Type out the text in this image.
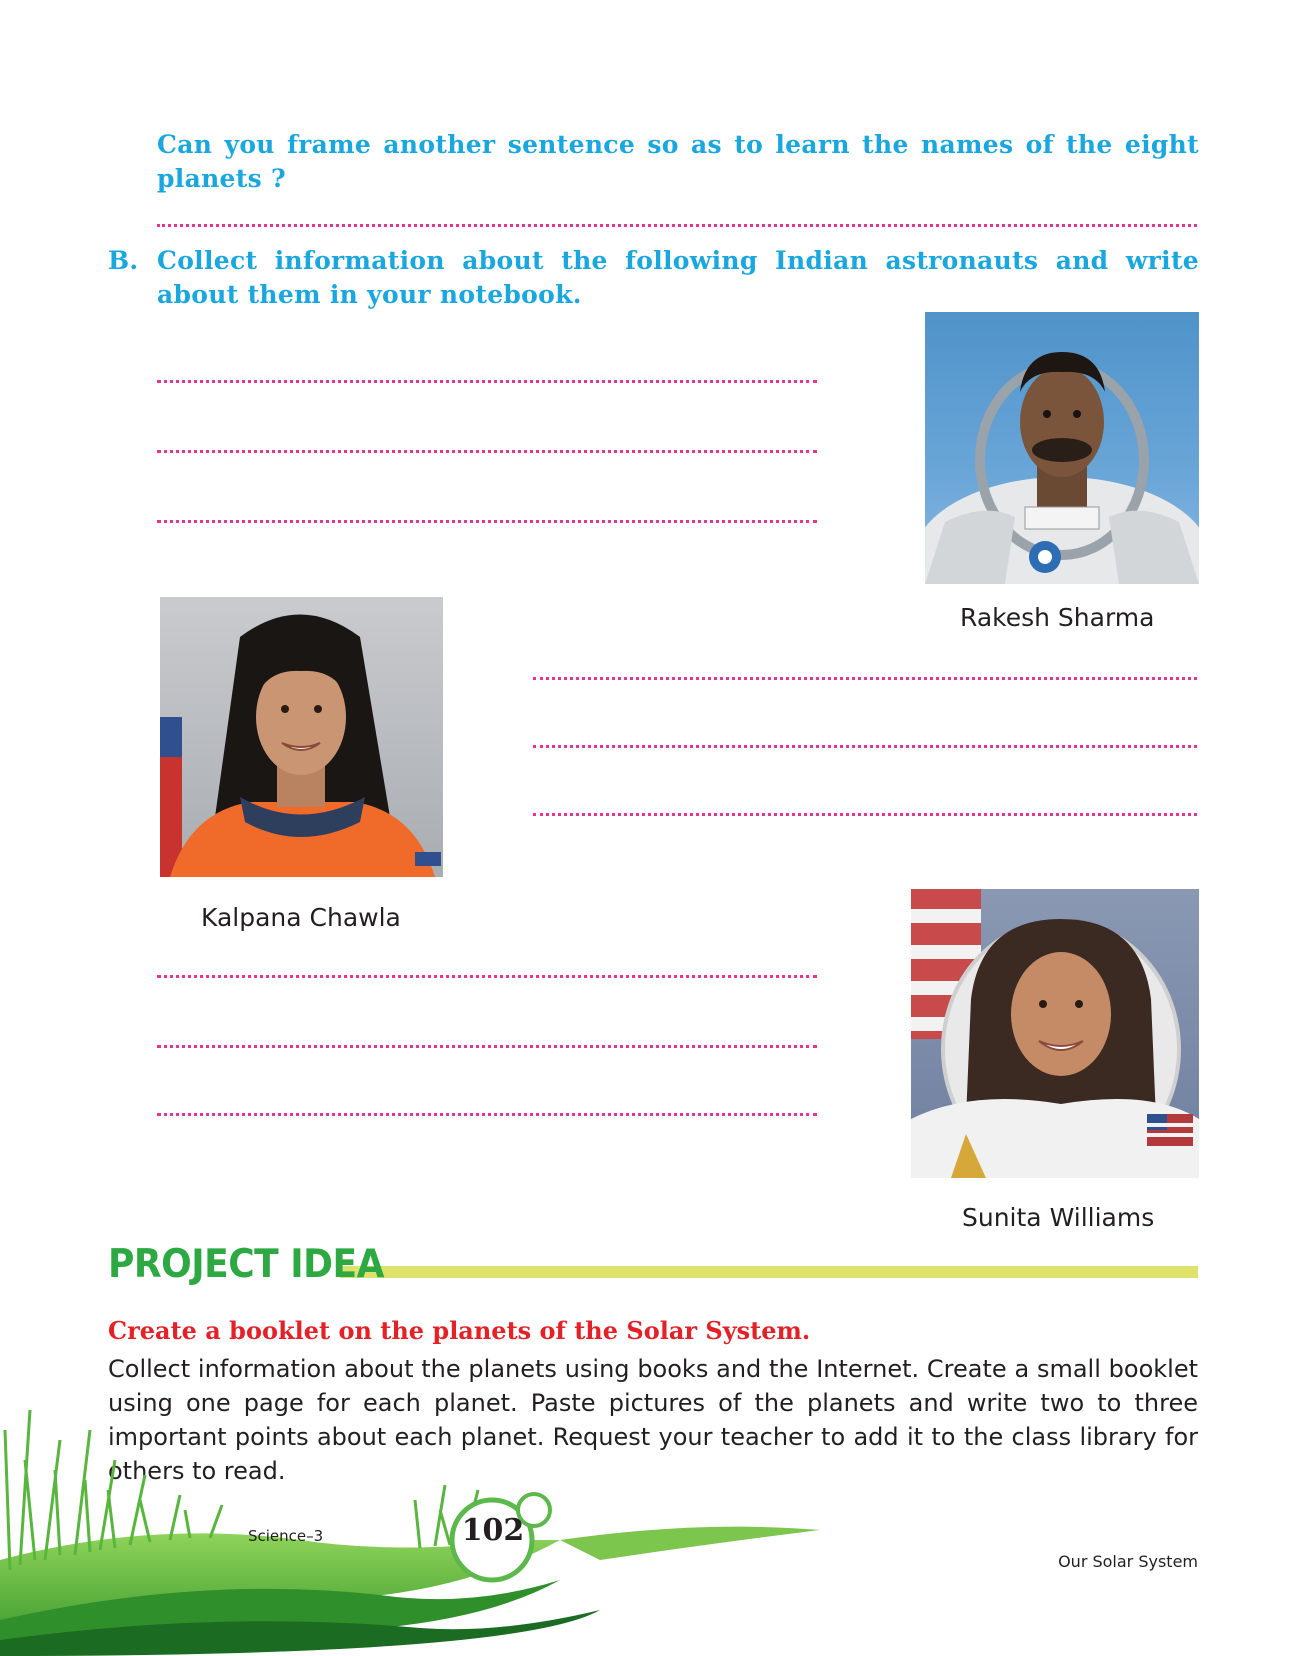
Can you frame another sentence so as to learn the names of the eight planets ?
B. Collect information about the following Indian astronauts and write about them in your notebook.
Rakesh Sharma
Kalpana Chawla
Sunita Williams
PROJECT IDEA
Create a booklet on the planets of the Solar System.
Collect information about the planets using books and the Internet. Create a small booklet using one page for each planet. Paste pictures of the planets and write two to three important points about each planet. Request your teacher to add it to the class library for others to read.
102
Science–3
Our Solar System
